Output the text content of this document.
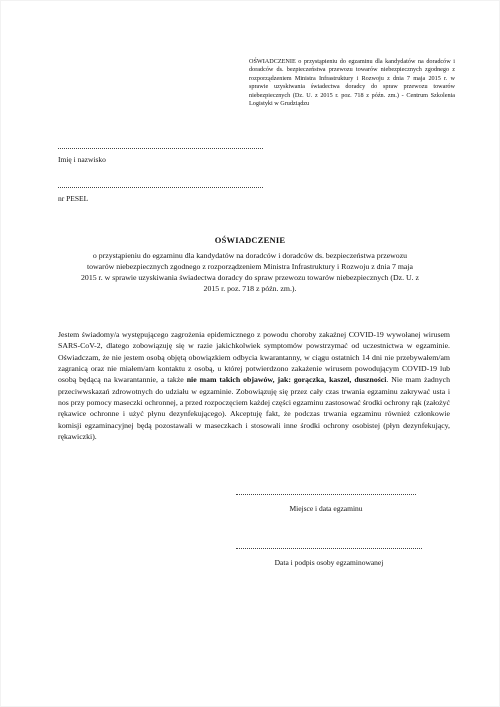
OŚWIADCZENIE o przystąpieniu do egzaminu dla kandydatów na doradców i doradców ds. bezpieczeństwa przewozu towarów niebezpiecznych zgodnego z rozporządzeniem Ministra Infrastruktury i Rozwoju z dnia 7 maja 2015 r. w sprawie uzyskiwania świadectwa doradcy do spraw przewozu towarów niebezpiecznych (Dz. U. z 2015 r. poz. 718 z późn. zm.) - Centrum Szkolenia Logistyki w Grudziądzu
Imię i nazwisko
nr PESEL
OŚWIADCZENIE
o przystąpieniu do egzaminu dla kandydatów na doradców i doradców ds. bezpieczeństwa przewozu towarów niebezpiecznych zgodnego z rozporządzeniem Ministra Infrastruktury i Rozwoju z dnia 7 maja 2015 r. w sprawie uzyskiwania świadectwa doradcy do spraw przewozu towarów niebezpiecznych (Dz. U. z 2015 r. poz. 718 z późn. zm.).
Jestem świadomy/a występującego zagrożenia epidemicznego z powodu choroby zakaźnej COVID-19 wywołanej wirusem SARS-CoV-2, dlatego zobowiązuję się w razie jakichkolwiek symptomów powstrzymać od uczestnictwa w egzaminie. Oświadczam, że nie jestem osobą objętą obowiązkiem odbycia kwarantanny, w ciągu ostatnich 14 dni nie przebywałem/am zagranicą oraz nie miałem/am kontaktu z osobą, u której potwierdzono zakażenie wirusem powodującym COVID-19 lub osobą będącą na kwarantannie, a także nie mam takich objawów, jak: gorączka, kaszel, duszności. Nie mam żadnych przeciwwskazań zdrowotnych do udziału w egzaminie. Zobowiązuję się przez cały czas trwania egzaminu zakrywać usta i nos przy pomocy maseczki ochronnej, a przed rozpoczęciem każdej części egzaminu zastosować środki ochrony rąk (założyć rękawice ochronne i użyć płynu dezynfekującego). Akceptuję fakt, że podczas trwania egzaminu również członkowie komisji egzaminacyjnej będą pozostawali w maseczkach i stosowali inne środki ochrony osobistej (płyn dezynfekujący, rękawiczki).
Miejsce i data egzaminu
Data i podpis osoby egzaminowanej
